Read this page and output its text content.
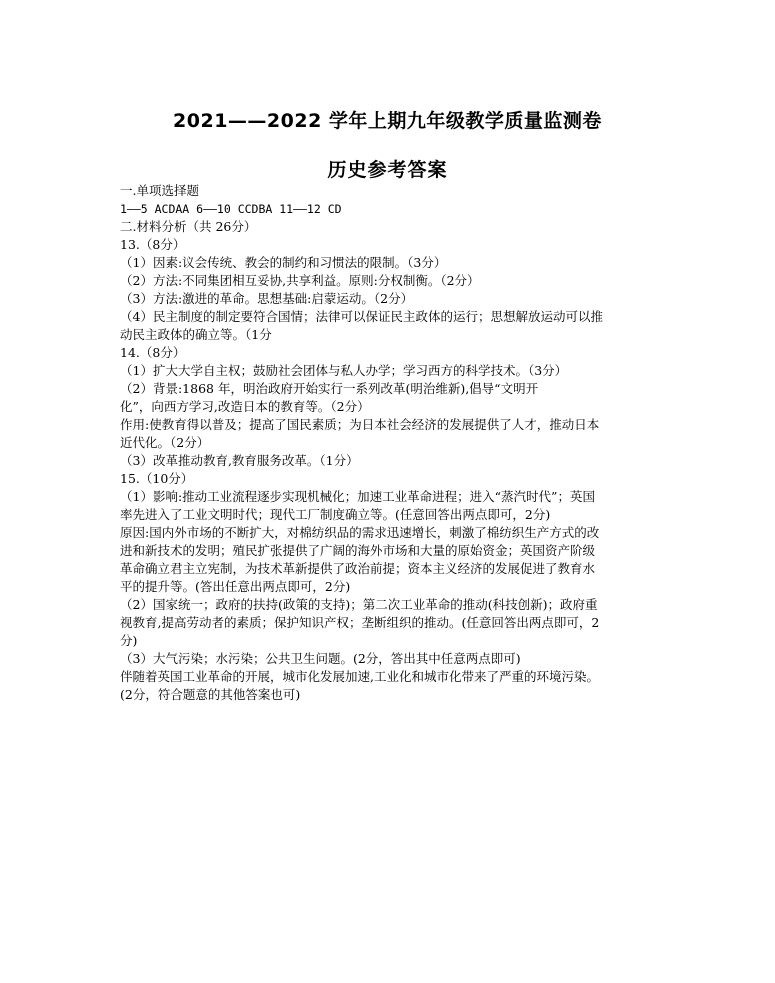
2021——2022 学年上期九年级教学质量监测卷
历史参考答案

一.单项选择题

1——5 ACDAA 6——10 CCDBA 11——12 CD

二.材料分析（共 26分）

13.（8分）

（1）因素:议会传统、教会的制约和习惯法的限制。（3分）

（2）方法:不同集团相互妥协,共享利益。原则:分权制衡。（2分）

（3）方法:激进的革命。思想基础:启蒙运动。（2分）

（4）民主制度的制定要符合国情；法律可以保证民主政体的运行；思想解放运动可以推

动民主政体的确立等。（1分

14.（8分）

（1）扩大大学自主权；鼓励社会团体与私人办学；学习西方的科学技术。（3分）

（2）背景:1868 年，明治政府开始实行一系列改革(明治维新),倡导“文明开

化”，向西方学习,改造日本的教育等。（2分）

作用:使教育得以普及；提高了国民素质；为日本社会经济的发展提供了人才，推动日本

近代化。（2分）

（3）改革推动教育,教育服务改革。（1分）

15.（10分）

（1）影响:推动工业流程逐步实现机械化；加速工业革命进程；进入“蒸汽时代”；英国

率先进入了工业文明时代；现代工厂制度确立等。(任意回答出两点即可，2分)

原因:国内外市场的不断扩大，对棉纺织品的需求迅速增长，刺激了棉纺织生产方式的改

进和新技术的发明；殖民扩张提供了广阔的海外市场和大量的原始资金；英国资产阶级

革命确立君主立宪制，为技术革新提供了政治前提；资本主义经济的发展促进了教育水

平的提升等。(答出任意出两点即可，2分)

（2）国家统一；政府的扶持(政策的支持)；第二次工业革命的推动(科技创新)；政府重

视教育,提高劳动者的素质；保护知识产权；垄断组织的推动。(任意回答出两点即可，2

分)

（3）大气污染；水污染；公共卫生问题。(2分，答出其中任意两点即可)

伴随着英国工业革命的开展，城市化发展加速,工业化和城市化带来了严重的环境污染。

(2分，符合题意的其他答案也可)
